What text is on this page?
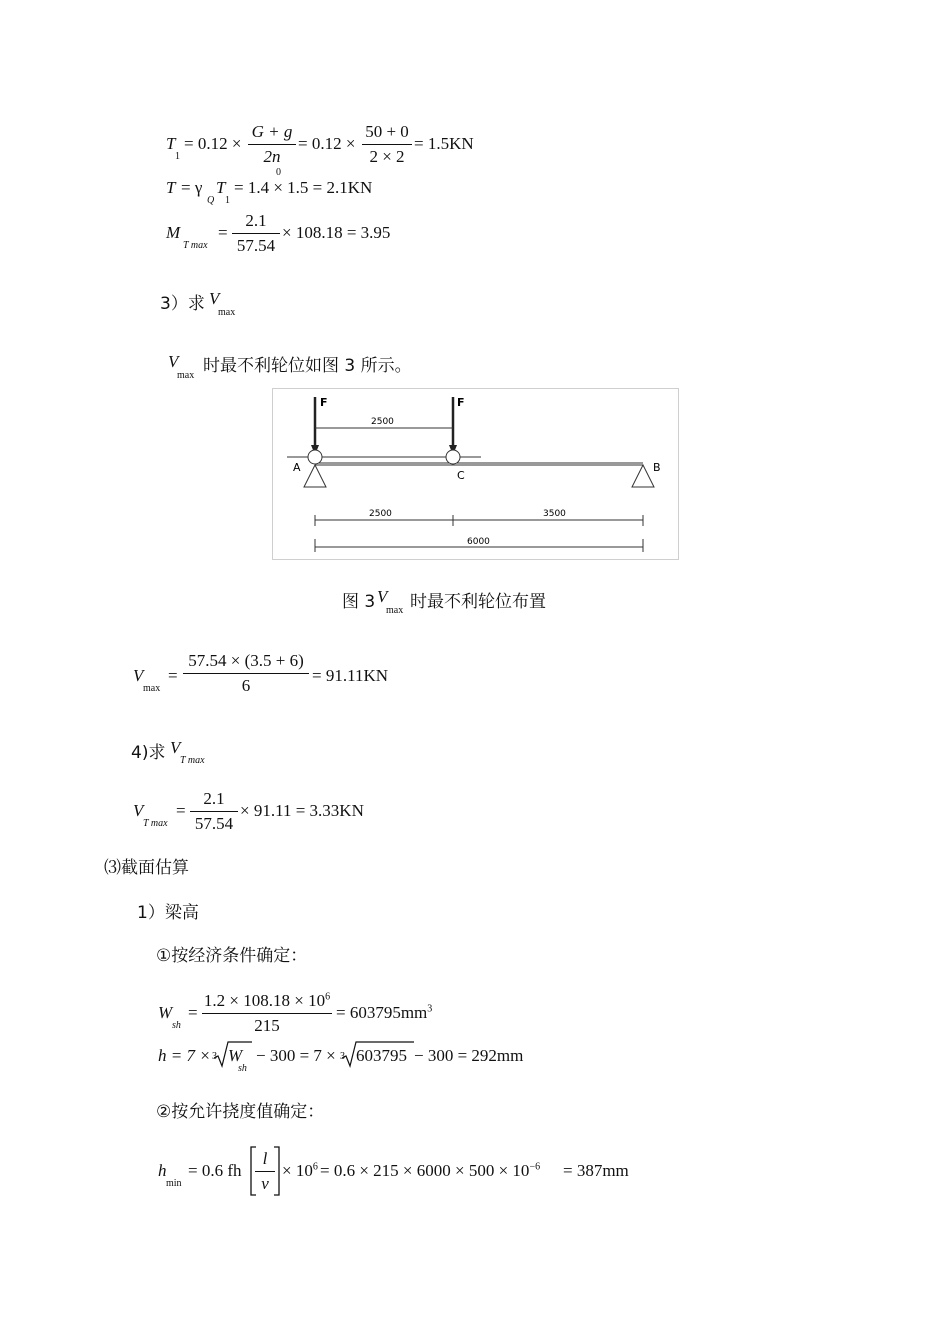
T
1
= 0.12 ×
G + g
2n
0
= 0.12 ×
50 + 0
2 × 2
= 1.5KN
T = γ
Q
T
1
= 1.4 × 1.5 = 2.1KN
M
T max
=
2.1
57.54
× 108.18 = 3.95
3）求 V
max
V
max 时最不利轮位如图 3 所示。
F	F
2500
A	B
C
2500	3500
6000
图 3 V
max 时最不利轮位布置
V
max
=
57.54 × (3.5 + 6)
6
= 91.11KN
4)求 V
T max
V
T max
=
2.1
57.54
× 91.11 = 3.33KN
⑶截面估算
1）梁高
①按经济条件确定：
W
sh
=
$1.2 \times 108.18 \times 10^6$
215
= $603795mm^3$
h = 7 × 3 W
sh
− 300 = 7 × 3 603795 − 300 = 292mm
②按允许挠度值确定：
h
min
= 0.6 fh
l
v
× $10^6 = 0.6 \times 215 \times 6000 \times 500 \times 10^{-6} = 387mm$
